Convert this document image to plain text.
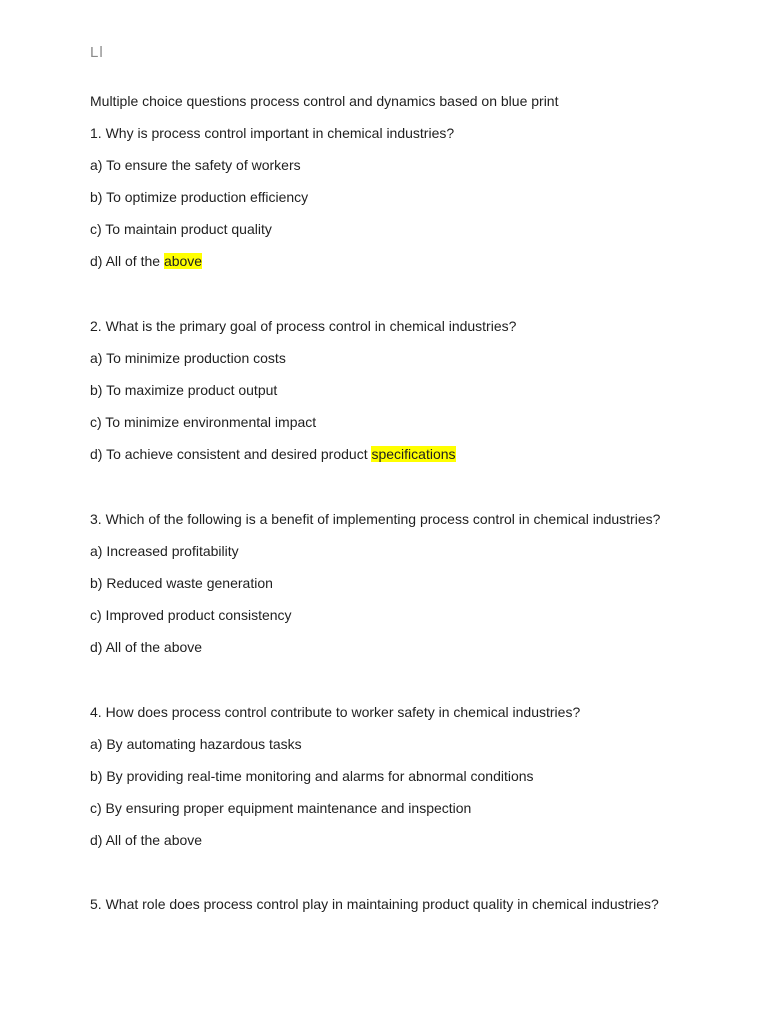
Ll
Multiple choice questions process control and dynamics based on blue print
1. Why is process control important in chemical industries?
a) To ensure the safety of workers
b) To optimize production efficiency
c) To maintain product quality
d) All of the above
2. What is the primary goal of process control in chemical industries?
a) To minimize production costs
b) To maximize product output
c) To minimize environmental impact
d) To achieve consistent and desired product specifications
3. Which of the following is a benefit of implementing process control in chemical industries?
a) Increased profitability
b) Reduced waste generation
c) Improved product consistency
d) All of the above
4. How does process control contribute to worker safety in chemical industries?
a) By automating hazardous tasks
b) By providing real-time monitoring and alarms for abnormal conditions
c) By ensuring proper equipment maintenance and inspection
d) All of the above
5. What role does process control play in maintaining product quality in chemical industries?
